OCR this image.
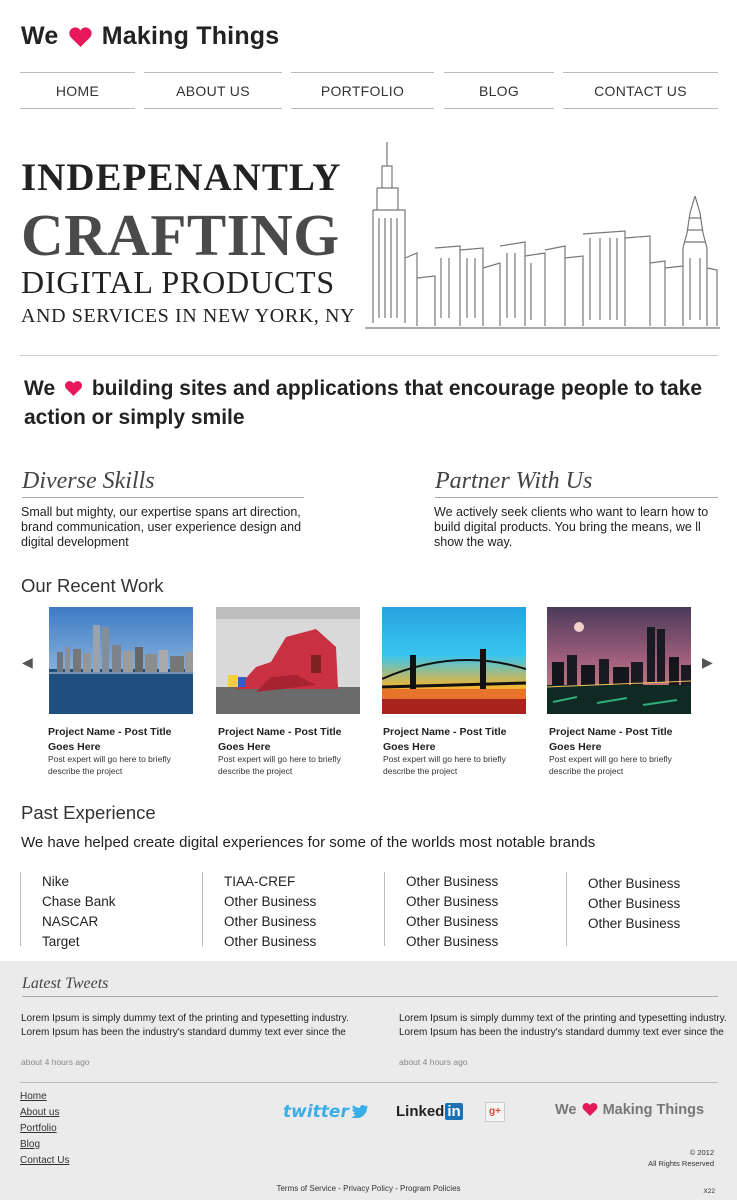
We Making Things
HOME	ABOUT US	PORTFOLIO	BLOG	CONTACT US
INDEPENANTLY
CRAFTING
DIGITAL PRODUCTS
AND SERVICES IN NEW YORK, NY
We building sites and applications that encourage people to take action or simply smile
Diverse Skills
Small but mighty, our expertise spans art direction, brand communication, user experience design and digital development
Partner With Us
We actively seek clients who want to learn how to build digital products. You bring the means, we ll show the way.
Our Recent Work
◀	▶
Project Name - Post Title Goes Here
Post expert will go here to briefly describe the project
Project Name - Post Title Goes Here
Post expert will go here to briefly describe the project
Project Name - Post Title Goes Here
Post expert will go here to briefly describe the project
Project Name - Post Title Goes Here
Post expert will go here to briefly describe the project
Past Experience
We have helped create digital experiences for some of the worlds most notable brands
Nike
Chase Bank
NASCAR
Target
TIAA-CREF
Other Business
Other Business
Other Business
Other Business
Other Business
Other Business
Other Business
Other Business
Other Business
Other Business
Latest Tweets
Lorem Ipsum is simply dummy text of the printing and typesetting industry. Lorem Ipsum has been the industry's standard dummy text ever since the
about 4 hours ago
Lorem Ipsum is simply dummy text of the printing and typesetting industry. Lorem Ipsum has been the industry's standard dummy text ever since the
about 4 hours ago
Home
About us
Portfolio
Blog
Contact Us
twitter	Linked in	g+	We Making Things
© 2012
All Rights Reserved
Terms of Service - Privacy Policy - Program Policies	X22
